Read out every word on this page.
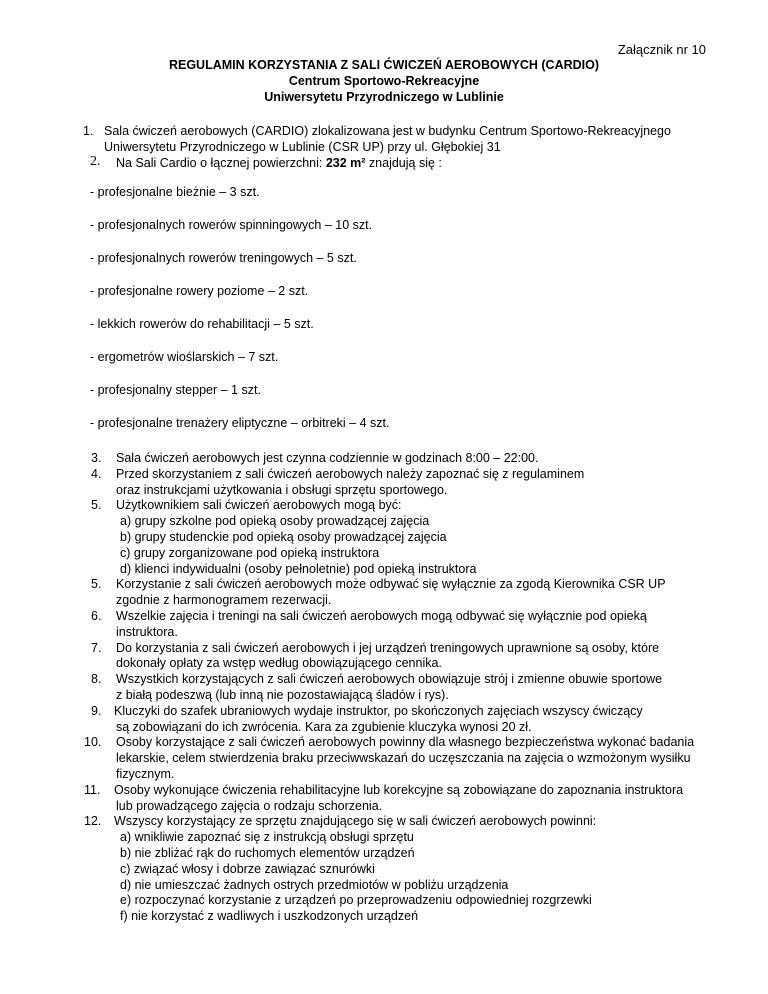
Załącznik nr 10
REGULAMIN KORZYSTANIA Z SALI ĆWICZEŃ AEROBOWYCH (CARDIO)
Centrum Sportowo-Rekreacyjne
Uniwersytetu Przyrodniczego w Lublinie
1. Sala ćwiczeń aerobowych (CARDIO) zlokalizowana jest w budynku Centrum Sportowo-Rekreacyjnego
Uniwersytetu Przyrodniczego w Lublinie (CSR UP) przy ul. Głębokiej 31
2. Na Sali Cardio o łącznej powierzchni: 232 m² znajdują się :
- profesjonalne bieżnie – 3 szt.
- profesjonalnych rowerów spinningowych – 10 szt.
- profesjonalnych rowerów treningowych – 5 szt.
- profesjonalne rowery poziome – 2 szt.
- lekkich rowerów do rehabilitacji – 5 szt.
- ergometrów wioślarskich – 7 szt.
- profesjonalny stepper – 1 szt.
- profesjonalne trenażery eliptyczne – orbitreki – 4 szt.
3. Sala ćwiczeń aerobowych jest czynna codziennie w godzinach 8:00 – 22:00.
4. Przed skorzystaniem z sali ćwiczeń aerobowych należy zapoznać się z regulaminem
oraz instrukcjami użytkowania i obsługi sprzętu sportowego.
5. Użytkownikiem sali ćwiczeń aerobowych mogą być:
a) grupy szkolne pod opieką osoby prowadzącej zajęcia
b) grupy studenckie pod opieką osoby prowadzącej zajęcia
c) grupy zorganizowane pod opieką instruktora
d) klienci indywidualni (osoby pełnoletnie) pod opieką instruktora
5. Korzystanie z sali ćwiczeń aerobowych może odbywać się wyłącznie za zgodą Kierownika CSR UP
zgodnie z harmonogramem rezerwacji.
6. Wszelkie zajęcia i treningi na sali ćwiczeń aerobowych mogą odbywać się wyłącznie pod opieką
instruktora.
7. Do korzystania z sali ćwiczeń aerobowych i jej urządzeń treningowych uprawnione są osoby, które
dokonały opłaty za wstęp według obowiązującego cennika.
8. Wszystkich korzystających z sali ćwiczeń aerobowych obowiązuje strój i zmienne obuwie sportowe
z białą podeszwą (lub inną nie pozostawiającą śladów i rys).
9. Kluczyki do szafek ubraniowych wydaje instruktor, po skończonych zajęciach wszyscy ćwiczący
są zobowiązani do ich zwrócenia. Kara za zgubienie kluczyka wynosi 20 zł.
10. Osoby korzystające z sali ćwiczeń aerobowych powinny dla własnego bezpieczeństwa wykonać badania
lekarskie, celem stwierdzenia braku przeciwwskazań do uczęszczania na zajęcia o wzmożonym wysiłku
fizycznym.
11. Osoby wykonujące ćwiczenia rehabilitacyjne lub korekcyjne są zobowiązane do zapoznania instruktora
lub prowadzącego zajęcia o rodzaju schorzenia.
12. Wszyscy korzystający ze sprzętu znajdującego się w sali ćwiczeń aerobowych powinni:
a) wnikliwie zapoznać się z instrukcją obsługi sprzętu
b) nie zbliżać rąk do ruchomych elementów urządzeń
c) związać włosy i dobrze zawiązać sznurówki
d) nie umieszczać żadnych ostrych przedmiotów w pobliżu urządzenia
e) rozpoczynać korzystanie z urządzeń po przeprowadzeniu odpowiedniej rozgrzewki
f) nie korzystać z wadliwych i uszkodzonych urządzeń
